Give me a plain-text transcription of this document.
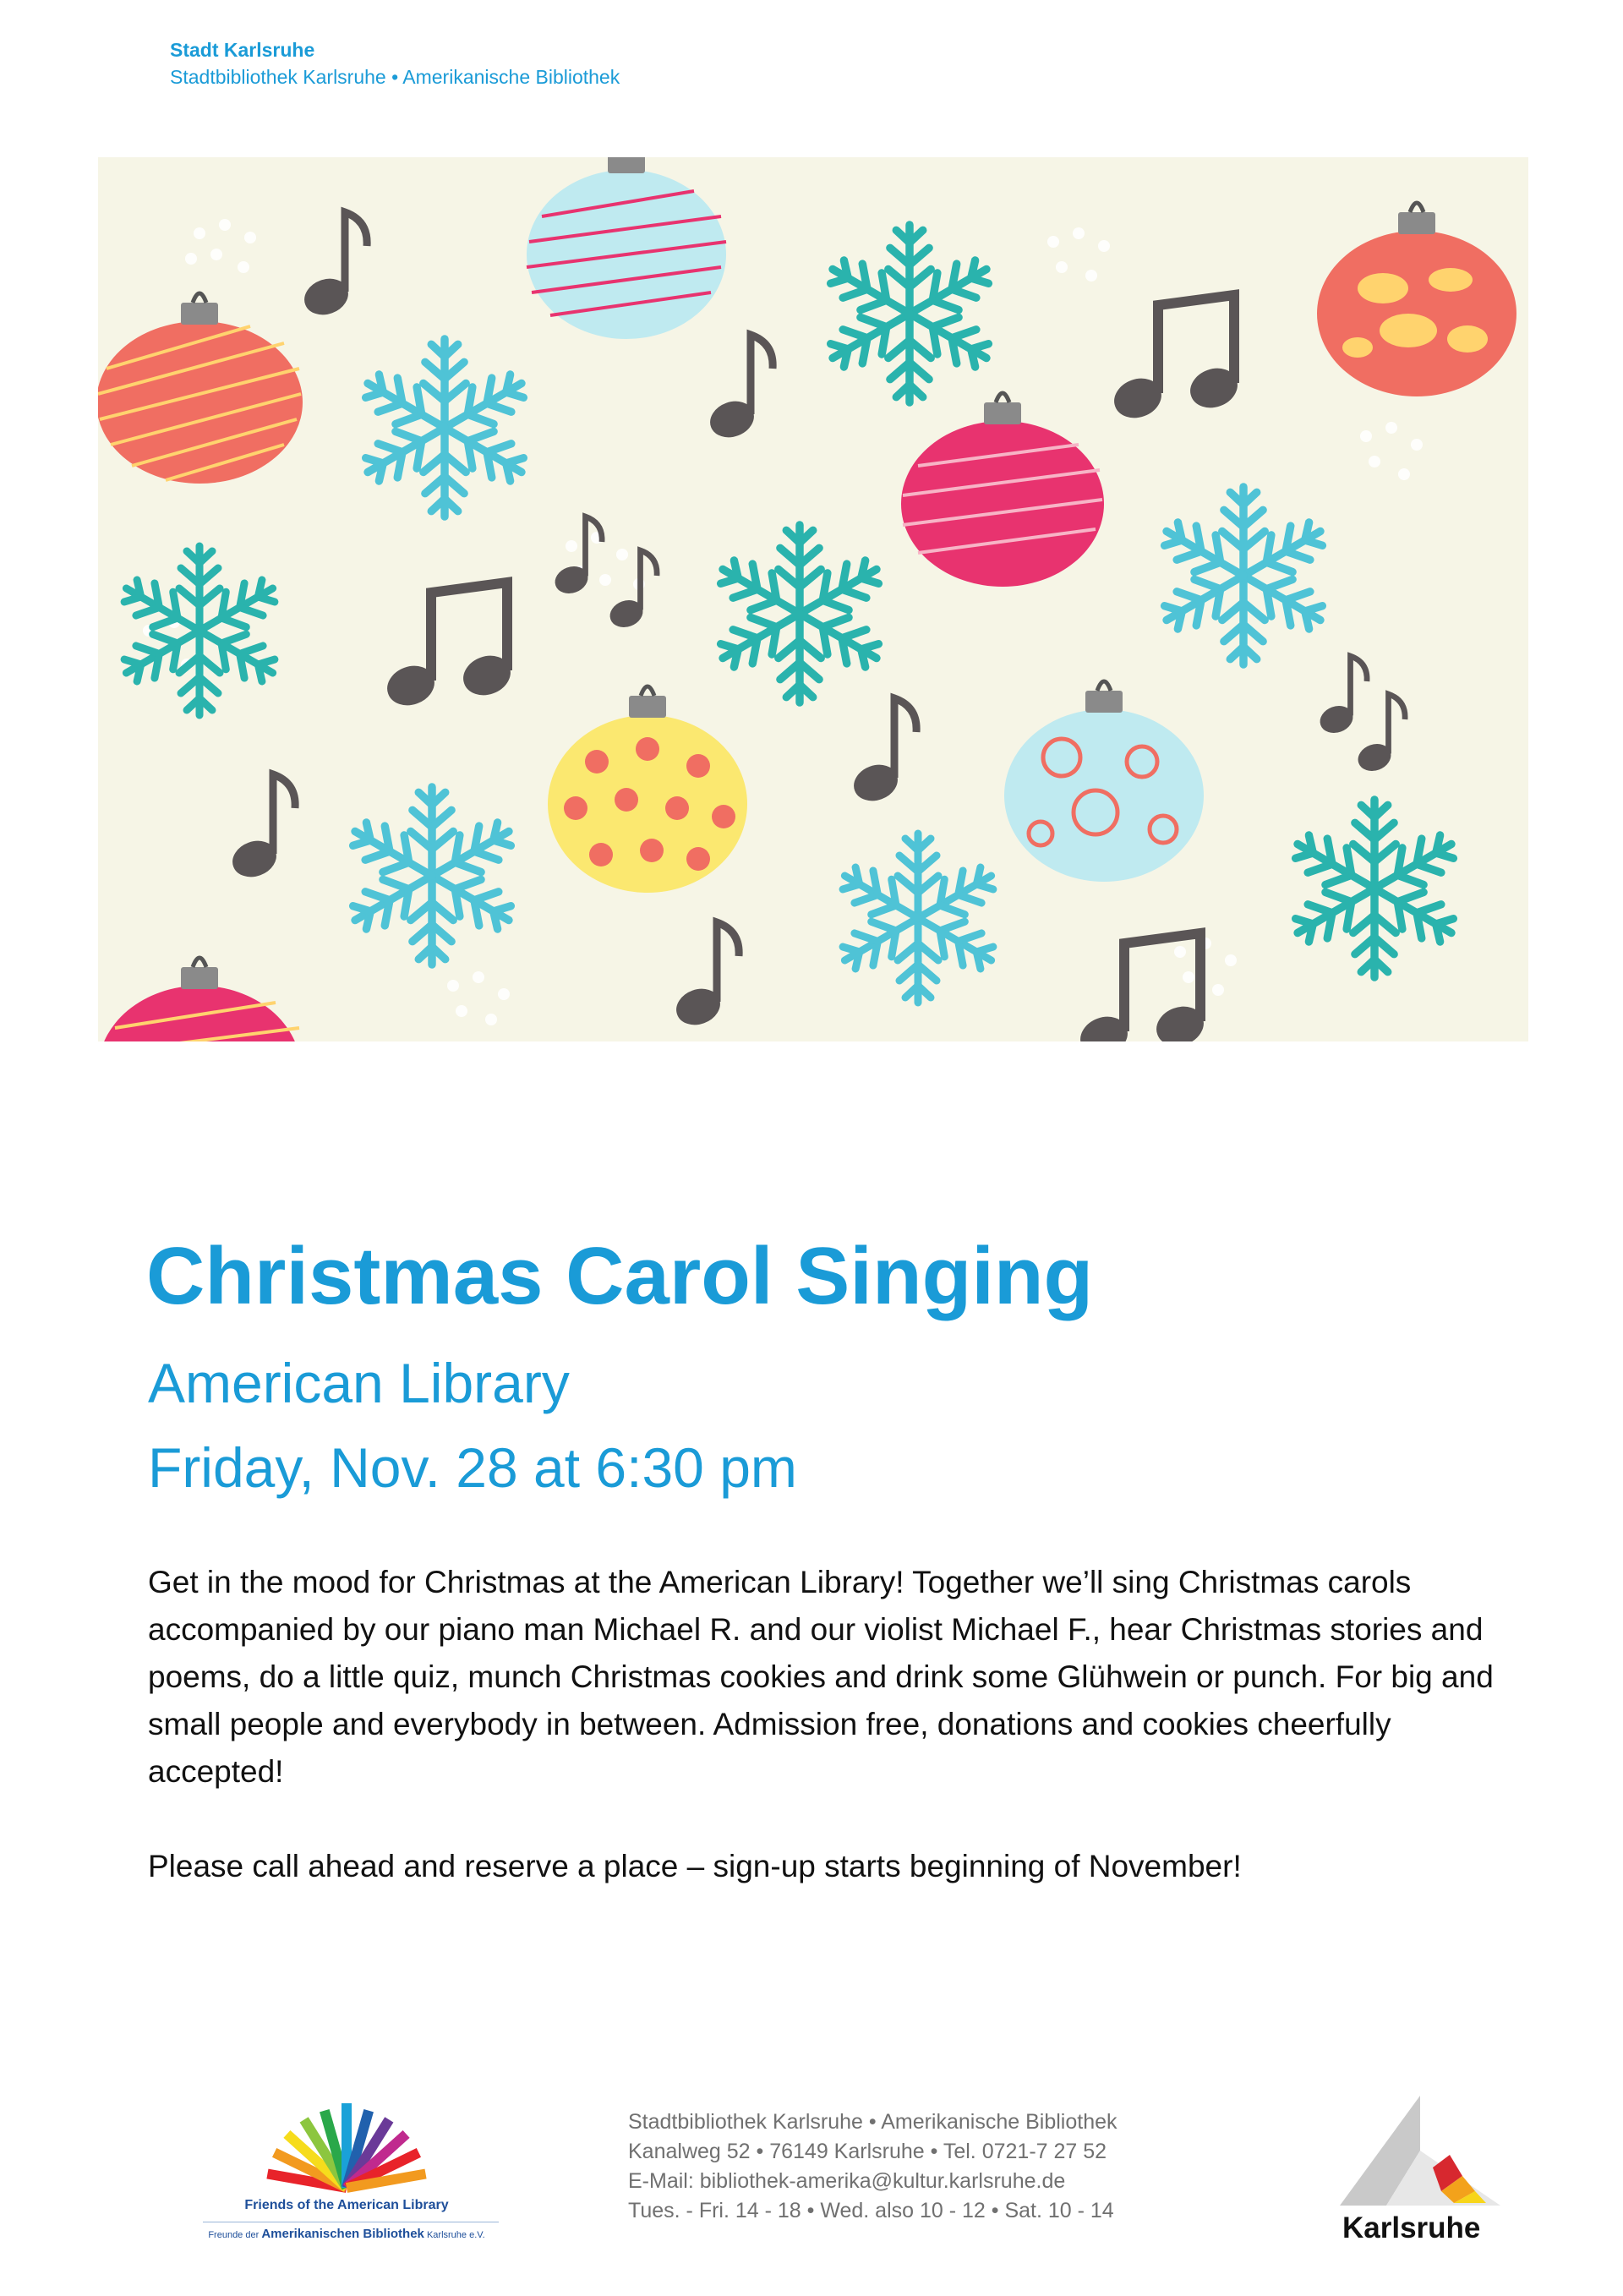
Stadt Karlsruhe
Stadtbibliothek Karlsruhe • Amerikanische Bibliothek
Christmas Carol Singing
American Library
Friday, Nov. 28 at 6:30 pm

Get in the mood for Christmas at the American Library! Together we’ll sing Christmas carols accompanied by our piano man Michael R. and our violist Michael F., hear Christmas stories and poems, do a little quiz, munch Christmas cookies and drink some Glühwein or punch. For big and small people and everybody in between. Admission free, donations and cookies cheerfully accepted!

Please call ahead and reserve a place – sign-up starts beginning of November!

Friends of the American Library
Freunde der Amerikanischen Bibliothek Karlsruhe e.V.
Stadtbibliothek Karlsruhe • Amerikanische Bibliothek
Kanalweg 52 • 76149 Karlsruhe • Tel. 0721-7 27 52
E-Mail: bibliothek-amerika@kultur.karlsruhe.de
Tues. - Fri. 14 - 18 • Wed. also 10 - 12 • Sat. 10 - 14
Karlsruhe
